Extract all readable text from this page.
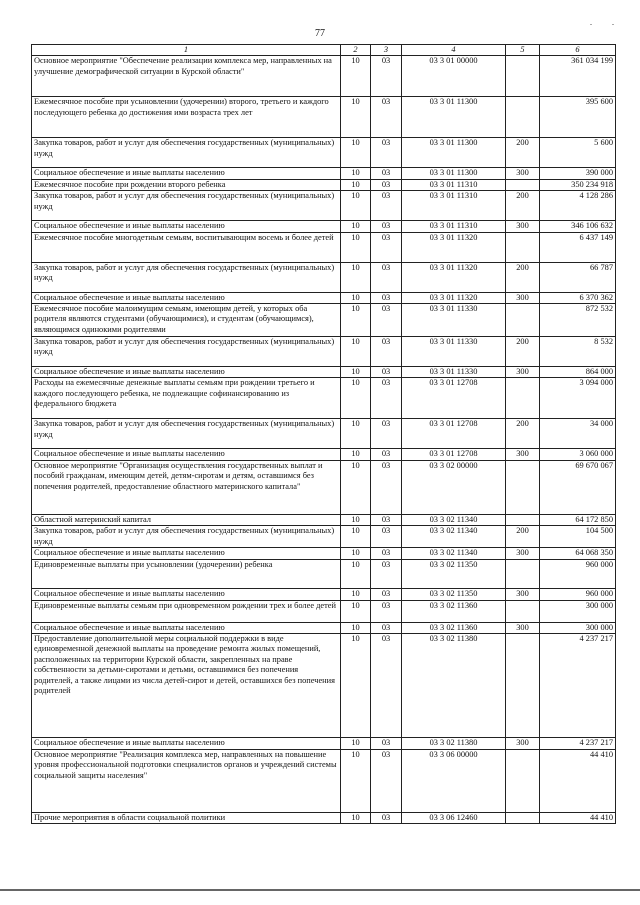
77
1	2	3	4	5	6
Основное мероприятие "Обеспечение реализации комплекса мер, направленных на улучшение демографической ситуации в Курской области"	10	03	03 3 01 00000		361 034 199
Ежемесячное пособие при усыновлении (удочерении) второго, третьего и каждого последующего ребенка до достижения ими возраста трех лет	10	03	03 3 01 11300		395 600
Закупка товаров, работ и услуг для обеспечения государственных (муниципальных) нужд	10	03	03 3 01 11300	200	5 600
Социальное обеспечение и иные выплаты населению	10	03	03 3 01 11300	300	390 000
Ежемесячное пособие при рождении второго ребенка	10	03	03 3 01 11310		350 234 918
Закупка товаров, работ и услуг для обеспечения государственных (муниципальных) нужд	10	03	03 3 01 11310	200	4 128 286
Социальное обеспечение и иные выплаты населению	10	03	03 3 01 11310	300	346 106 632
Ежемесячное пособие многодетным семьям, воспитывающим восемь и более детей	10	03	03 3 01 11320		6 437 149
Закупка товаров, работ и услуг для обеспечения государственных (муниципальных) нужд	10	03	03 3 01 11320	200	66 787
Социальное обеспечение и иные выплаты населению	10	03	03 3 01 11320	300	6 370 362
Ежемесячное пособие малоимущим семьям, имеющим детей, у которых оба родителя являются студентами (обучающимися), и студентам (обучающимся), являющимся одинокими родителями	10	03	03 3 01 11330		872 532
Закупка товаров, работ и услуг для обеспечения государственных (муниципальных) нужд	10	03	03 3 01 11330	200	8 532
Социальное обеспечение и иные выплаты населению	10	03	03 3 01 11330	300	864 000
Расходы на ежемесячные денежные выплаты семьям при рождении третьего и каждого последующего ребенка, не подлежащие софинансированию из федерального бюджета	10	03	03 3 01 12708		3 094 000
Закупка товаров, работ и услуг для обеспечения государственных (муниципальных) нужд	10	03	03 3 01 12708	200	34 000
Социальное обеспечение и иные выплаты населению	10	03	03 3 01 12708	300	3 060 000
Основное мероприятие "Организация осуществления государственных выплат и пособий гражданам, имеющим детей, детям-сиротам и детям, оставшимся без попечения родителей, предоставление областного материнского капитала"	10	03	03 3 02 00000		69 670 067
Областной материнский капитал	10	03	03 3 02 11340		64 172 850
Закупка товаров, работ и услуг для обеспечения государственных (муниципальных) нужд	10	03	03 3 02 11340	200	104 500
Социальное обеспечение и иные выплаты населению	10	03	03 3 02 11340	300	64 068 350
Единовременные выплаты при усыновлении (удочерении) ребенка	10	03	03 3 02 11350		960 000
Социальное обеспечение и иные выплаты населению	10	03	03 3 02 11350	300	960 000
Единовременные выплаты семьям при одновременном рождении трех и более детей	10	03	03 3 02 11360		300 000
Социальное обеспечение и иные выплаты населению	10	03	03 3 02 11360	300	300 000
Предоставление дополнительной меры социальной поддержки в виде единовременной денежной выплаты на проведение ремонта жилых помещений, расположенных на территории Курской области, закрепленных на праве собственности за детьми-сиротами и детьми, оставшимися без попечения родителей, а также лицами из числа детей-сирот и детей, оставшихся без попечения родителей	10	03	03 3 02 11380		4 237 217
Социальное обеспечение и иные выплаты населению	10	03	03 3 02 11380	300	4 237 217
Основное мероприятие "Реализация комплекса мер, направленных на повышение уровня профессиональной подготовки специалистов органов и учреждений системы социальной защиты населения"	10	03	03 3 06 00000		44 410
Прочие мероприятия в области социальной политики	10	03	03 3 06 12460		44 410
